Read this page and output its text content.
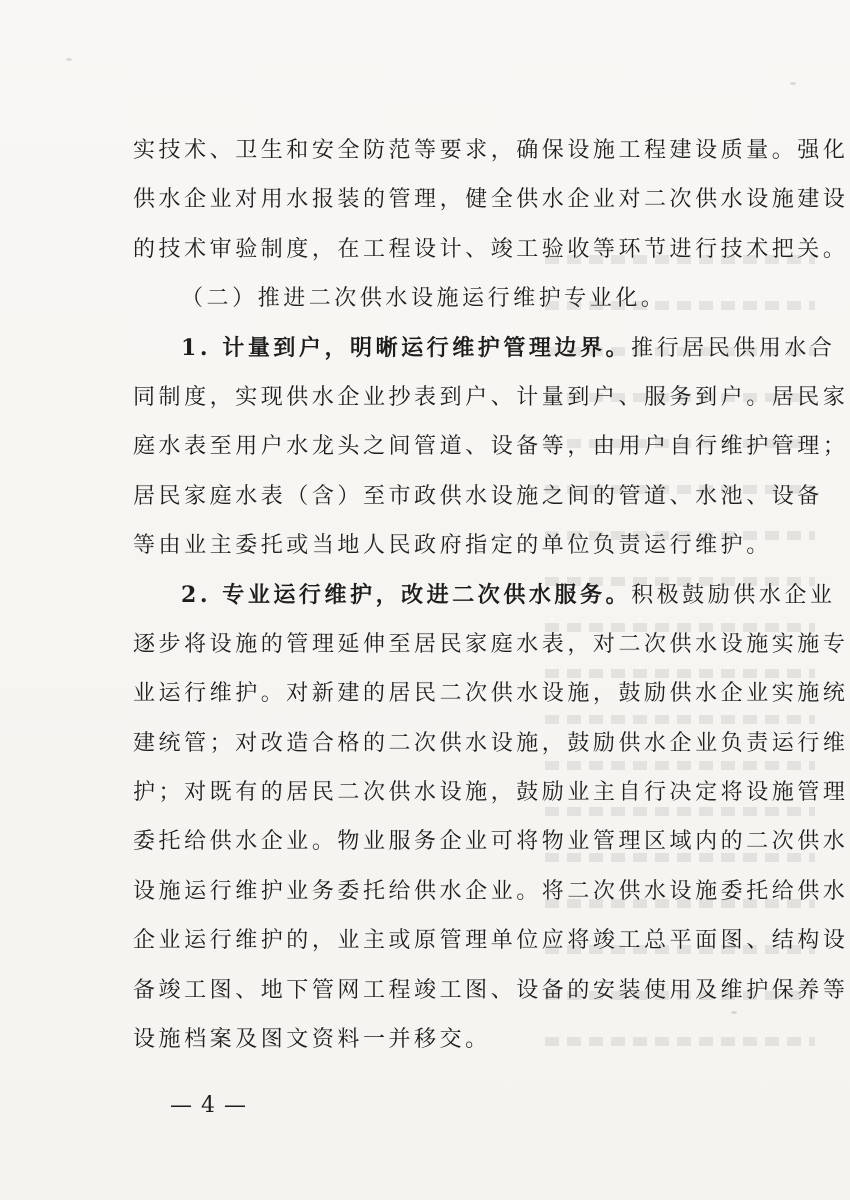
实技术、卫生和安全防范等要求，确保设施工程建设质量。强化
供水企业对用水报装的管理，健全供水企业对二次供水设施建设
的技术审验制度，在工程设计、竣工验收等环节进行技术把关。
（二）推进二次供水设施运行维护专业化。
1. 计量到户，明晰运行维护管理边界。推行居民供用水合
同制度，实现供水企业抄表到户、计量到户、服务到户。居民家
庭水表至用户水龙头之间管道、设备等，由用户自行维护管理；
居民家庭水表（含）至市政供水设施之间的管道、水池、设备
等由业主委托或当地人民政府指定的单位负责运行维护。
2. 专业运行维护，改进二次供水服务。积极鼓励供水企业
逐步将设施的管理延伸至居民家庭水表，对二次供水设施实施专
业运行维护。对新建的居民二次供水设施，鼓励供水企业实施统
建统管；对改造合格的二次供水设施，鼓励供水企业负责运行维
护；对既有的居民二次供水设施，鼓励业主自行决定将设施管理
委托给供水企业。物业服务企业可将物业管理区域内的二次供水
设施运行维护业务委托给供水企业。将二次供水设施委托给供水
企业运行维护的，业主或原管理单位应将竣工总平面图、结构设
备竣工图、地下管网工程竣工图、设备的安装使用及维护保养等
设施档案及图文资料一并移交。
— 4 —
